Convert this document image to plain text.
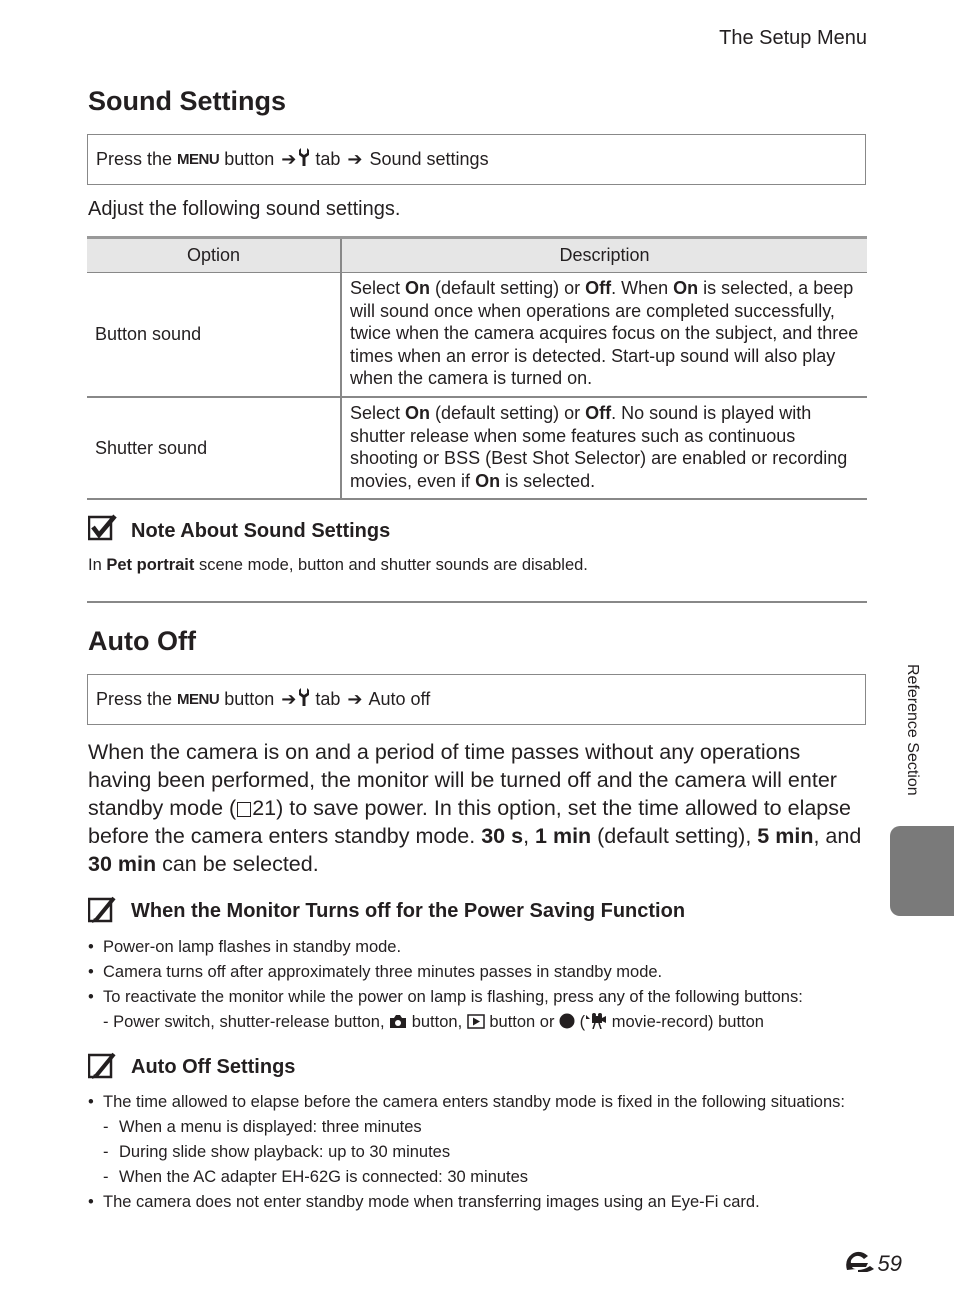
The Setup Menu
Sound Settings
Press the MENU button ➔ tab ➔ Sound settings
Adjust the following sound settings.
Option	Description
Button sound	Select On (default setting) or Off. When On is selected, a beep will sound once when operations are completed successfully, twice when the camera acquires focus on the subject, and three times when an error is detected. Start-up sound will also play when the camera is turned on.
Shutter sound	Select On (default setting) or Off. No sound is played with shutter release when some features such as continuous shooting or BSS (Best Shot Selector) are enabled or recording movies, even if On is selected.
Note About Sound Settings
In Pet portrait scene mode, button and shutter sounds are disabled.
Auto Off
Press the MENU button ➔ tab ➔ Auto off
When the camera is on and a period of time passes without any operations having been performed, the monitor will be turned off and the camera will enter standby mode ( 21) to save power. In this option, set the time allowed to elapse before the camera enters standby mode. 30 s, 1 min (default setting), 5 min, and 30 min can be selected.
When the Monitor Turns off for the Power Saving Function
• Power-on lamp flashes in standby mode.
• Camera turns off after approximately three minutes passes in standby mode.
• To reactivate the monitor while the power on lamp is flashing, press any of the following buttons:
- Power switch, shutter-release button,  button,  button or  ( movie-record) button
Auto Off Settings
• The time allowed to elapse before the camera enters standby mode is fixed in the following situations:
- When a menu is displayed: three minutes
- During slide show playback: up to 30 minutes
- When the AC adapter EH-62G is connected: 30 minutes
• The camera does not enter standby mode when transferring images using an Eye-Fi card.
Reference Section
59
